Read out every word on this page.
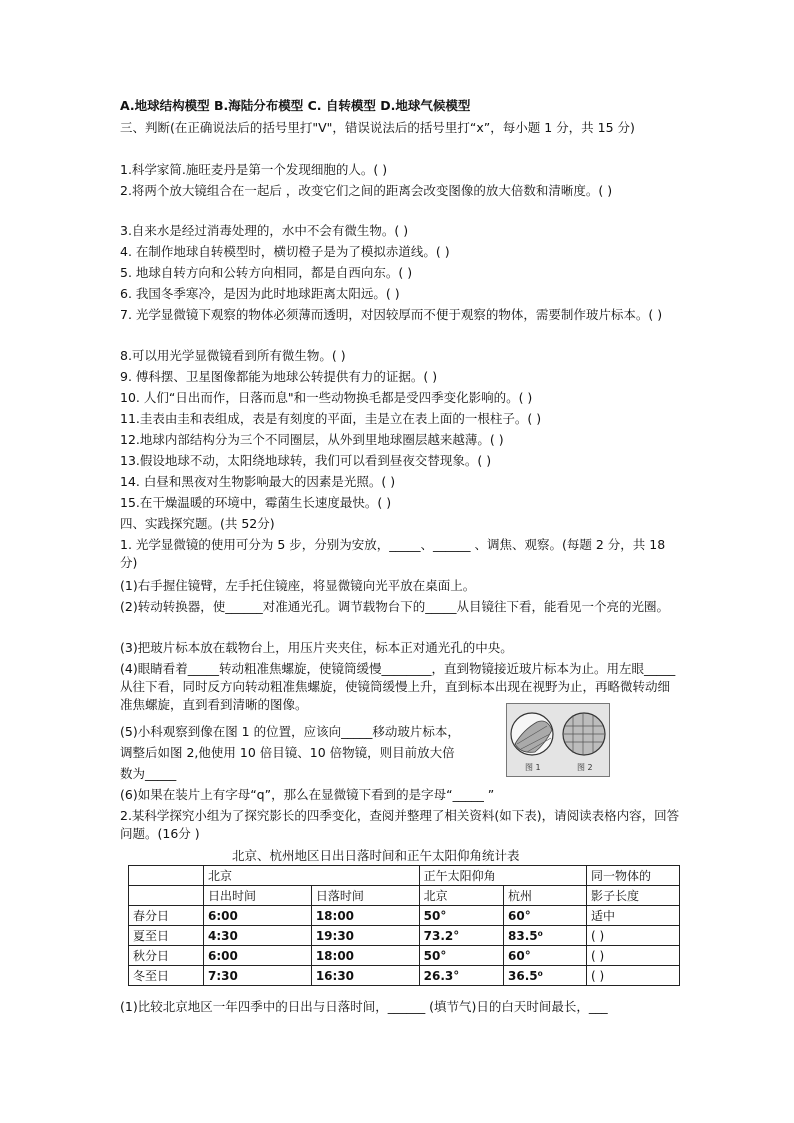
A.地球结构模型 B.海陆分布模型 C. 自转模型 D.地球气候模型
三、判断(在正确说法后的括号里打"V"，错误说法后的括号里打“x”，每小题 1 分，共 15 分)
1.科学家简.施旺麦丹是第一个发现细胞的人。( )
2.将两个放大镜组合在一起后 ，改变它们之间的距离会改变图像的放大倍数和清晰度。( )
3.自来水是经过消毒处理的，水中不会有微生物。( )
4. 在制作地球自转模型时，横切橙子是为了模拟赤道线。( )
5. 地球自转方向和公转方向相同，都是自西向东。( )
6. 我国冬季寒冷，是因为此时地球距离太阳远。( )
7. 光学显微镜下观察的物体必须薄而透明，对因较厚而不便于观察的物体，需要制作玻片标本。( )
8.可以用光学显微镜看到所有微生物。( )
9. 傅科摆、卫星图像都能为地球公转提供有力的证据。( )
10. 人们“日出而作，日落而息"和一些动物换毛都是受四季变化影响的。( )
11.圭表由圭和表组成，表是有刻度的平面，圭是立在表上面的一根柱子。( )
12.地球内部结构分为三个不同圈层，从外到里地球圈层越来越薄。( )
13.假设地球不动，太阳绕地球转，我们可以看到昼夜交替现象。( )
14. 白昼和黑夜对生物影响最大的因素是光照。( )
15.在干燥温暖的环境中，霉菌生长速度最快。( )
四、实践探究题。(共 52分)
1. 光学显微镜的使用可分为 5 步，分别为安放，_____、______ 、调焦、观察。(每题 2 分，共 18分)
(1)右手握住镜臂，左手托住镜座，将显微镜向光平放在桌面上。
(2)转动转换器，使______对准通光孔。调节载物台下的_____从目镜往下看，能看见一个亮的光圈。
(3)把玻片标本放在载物台上，用压片夹夹住，标本正对通光孔的中央。
(4)眼睛看着_____转动粗准焦螺旋，使镜筒缓慢________，直到物镜接近玻片标本为止。用左眼_____从往下看，同时反方向转动粗准焦螺旋，使镜筒缓慢上升，直到标本出现在视野为止，再略微转动细准焦螺旋，直到看到清晰的图像。
(5)小科观察到像在图 1 的位置，应该向_____移动玻片标本，
调整后如图 2,他使用 10 倍目镜、10 倍物镜，则目前放大倍
数为_____
(6)如果在装片上有字母“q”，那么在显微镜下看到的是字母“_____ ”
2.某科学探究小组为了探究影长的四季变化，查阅并整理了相关资料(如下表)，请阅读表格内容，回答问题。(16分 )
图 1	图 2
北京、杭州地区日出日落时间和正午太阳仰角统计表
	北京		正午太阳仰角		同一物体的
	日出时间	日落时间	北京	杭州	影子长度
春分日	6:00	18:00	50°	60°	适中
夏至日	4:30	19:30	73.2°	83.5⁰	( )
秋分日	6:00	18:00	50°	60°	( )
冬至日	7:30	16:30	26.3°	36.5⁰	( )
(1)比较北京地区一年四季中的日出与日落时间，______ (填节气)日的白天时间最长，___
